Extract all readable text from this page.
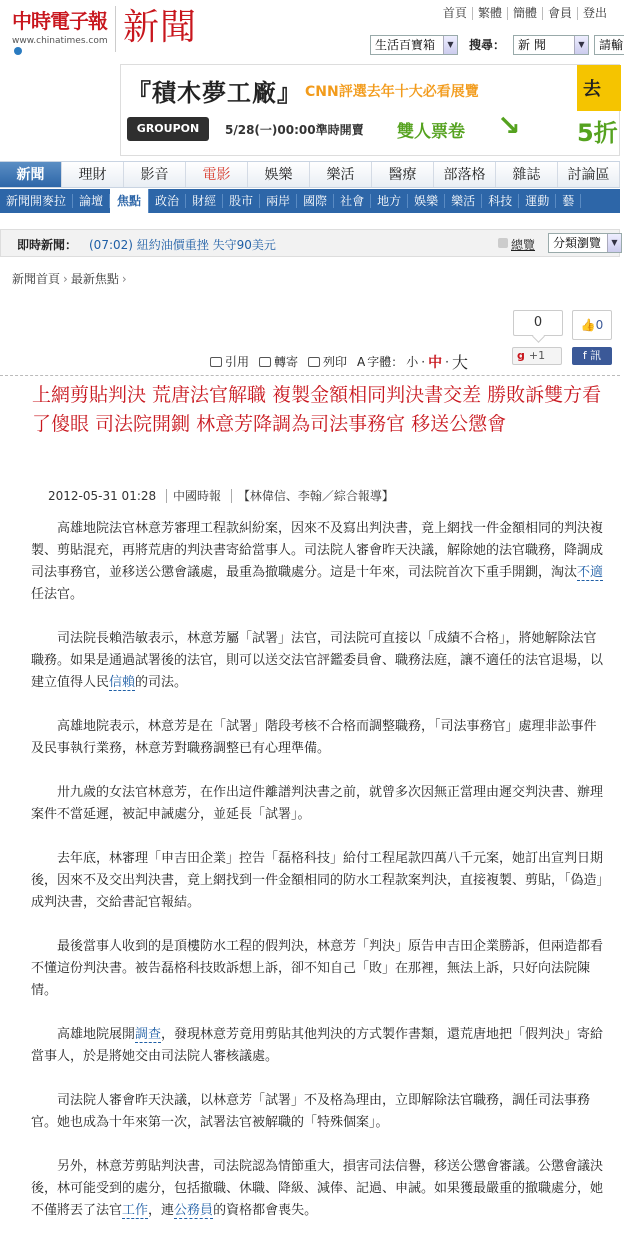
中時電子報
www.chinatimes.com 新聞	首頁 繁體 簡體 會員 登出
生活百寶箱	▼ 搜尋：	新 聞	▼	請輸
『積木夢工廠』 CNN評選去年十大必看展覽
GROUPON	5/28(一)00:00準時開賣 雙人票卷 ↘ 5折
去
新聞	理財	影音	電影	娛樂	樂活	醫療	部落格	雜誌	討論區
新聞開麥拉	論壇	焦點	政治	財經	股市	兩岸	國際	社會	地方	娛樂	樂活	科技	運動	藝
即時新聞： (07:02) 紐約油價重挫 失守90美元	總覽	分類瀏覽	▼
新聞首頁 › 最新焦點 ›
0	👍0
引用 轉寄 列印 A 字體： 小 · 中 · 大	g +1	f 訊
上網剪貼判決 荒唐法官解職 複製金額相同判決書交差 勝敗訴雙方看了傻眼 司法院開鍘 林意芳降調為司法事務官 移送公懲會
2012-05-31 01:28 中國時報 【林偉信、李翰／綜合報導】

高雄地院法官林意芳審理工程款糾紛案，因來不及寫出判決書，竟上網找一件金額相同的判決複製、剪貼混充，再將荒唐的判決書寄給當事人。司法院人審會昨天決議，解除她的法官職務，降調成司法事務官，並移送公懲會議處，最重為撤職處分。這是十年來，司法院首次下重手開鍘，淘汰不適任法官。

司法院長賴浩敏表示，林意芳屬「試署」法官，司法院可直接以「成績不合格」，將她解除法官職務。如果是通過試署後的法官，則可以送交法官評鑑委員會、職務法庭，讓不適任的法官退場，以建立值得人民信賴的司法。

高雄地院表示，林意芳是在「試署」階段考核不合格而調整職務，「司法事務官」處理非訟事件及民事執行業務，林意芳對職務調整已有心理準備。

卅九歲的女法官林意芳，在作出這件離譜判決書之前，就曾多次因無正當理由遲交判決書、辦理案件不當延遲，被記申誡處分，並延長「試署」。

去年底，林審理「申吉田企業」控告「磊格科技」給付工程尾款四萬八千元案，她訂出宣判日期後，因來不及交出判決書，竟上網找到一件金額相同的防水工程款案判決，直接複製、剪貼，「偽造」成判決書，交給書記官報結。

最後當事人收到的是頂樓防水工程的假判決，林意芳「判決」原告申吉田企業勝訴，但兩造都看不懂這份判決書。被告磊格科技敗訴想上訴，卻不知自己「敗」在那裡，無法上訴，只好向法院陳情。

高雄地院展開調查，發現林意芳竟用剪貼其他判決的方式製作書類，還荒唐地把「假判決」寄給當事人，於是將她交由司法院人審核議處。

司法院人審會昨天決議，以林意芳「試署」不及格為理由，立即解除法官職務，調任司法事務官。她也成為十年來第一次，試署法官被解職的「特殊個案」。

另外，林意芳剪貼判決書，司法院認為情節重大，損害司法信譽，移送公懲會審議。公懲會議決後，林可能受到的處分，包括撤職、休職、降級、減俸、記過、申誡。如果獲最嚴重的撤職處分，她不僅將丟了法官工作，連公務員的資格都會喪失。
